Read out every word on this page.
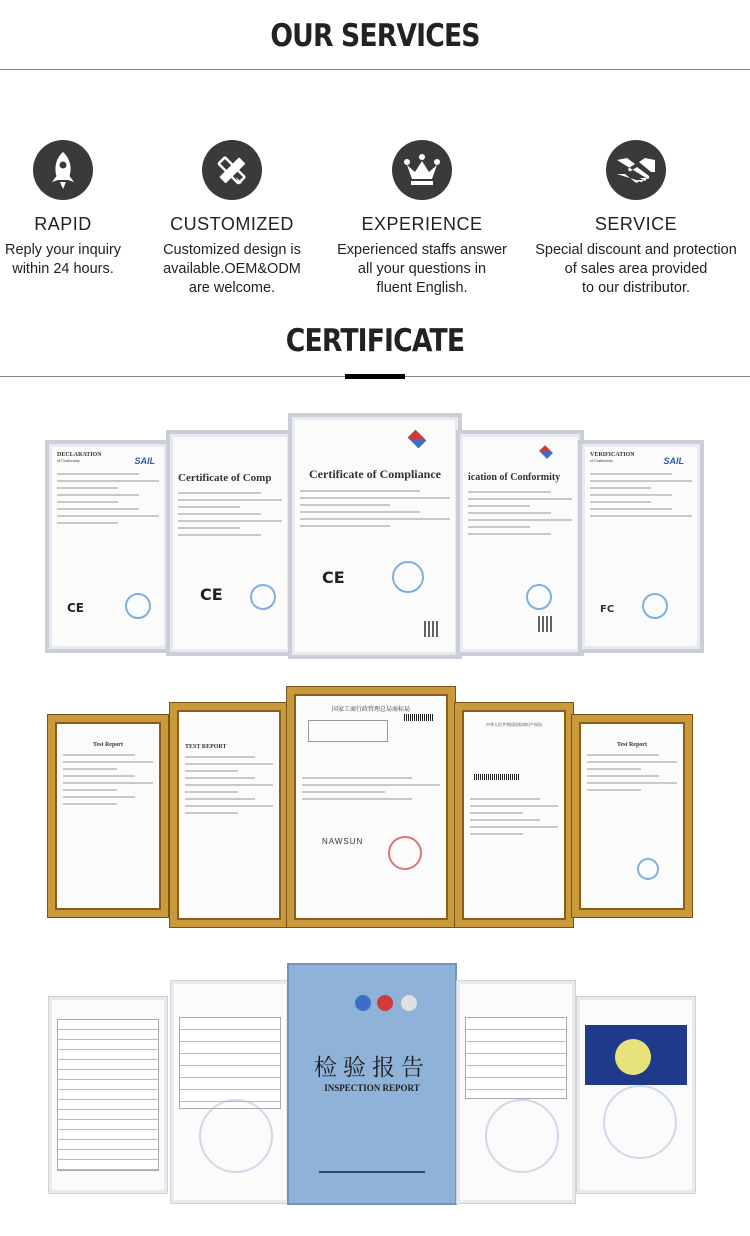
OUR SERVICES
RAPID
Reply your inquiry
within 24 hours.
CUSTOMIZED
Customized design is
available.OEM&ODM
are welcome.
EXPERIENCE
Experienced staffs answer
all your questions in
fluent English.
SERVICE
Special discount and protection
of sales area provided
to our distributor.
CERTIFICATE
DECLARATION
of Conformity	SAIL
CE
Certificate of Comp
CE
Certificate of Compliance
CE
ication of Conformity
VERIFICATION
of Conformity	SAIL
FC
Test Report	TEST REPORT
国家工商行政管理总局商标局
NAWSUN
中华人民共和国国家知识产权局
Test Report
检验报告
INSPECTION REPORT
